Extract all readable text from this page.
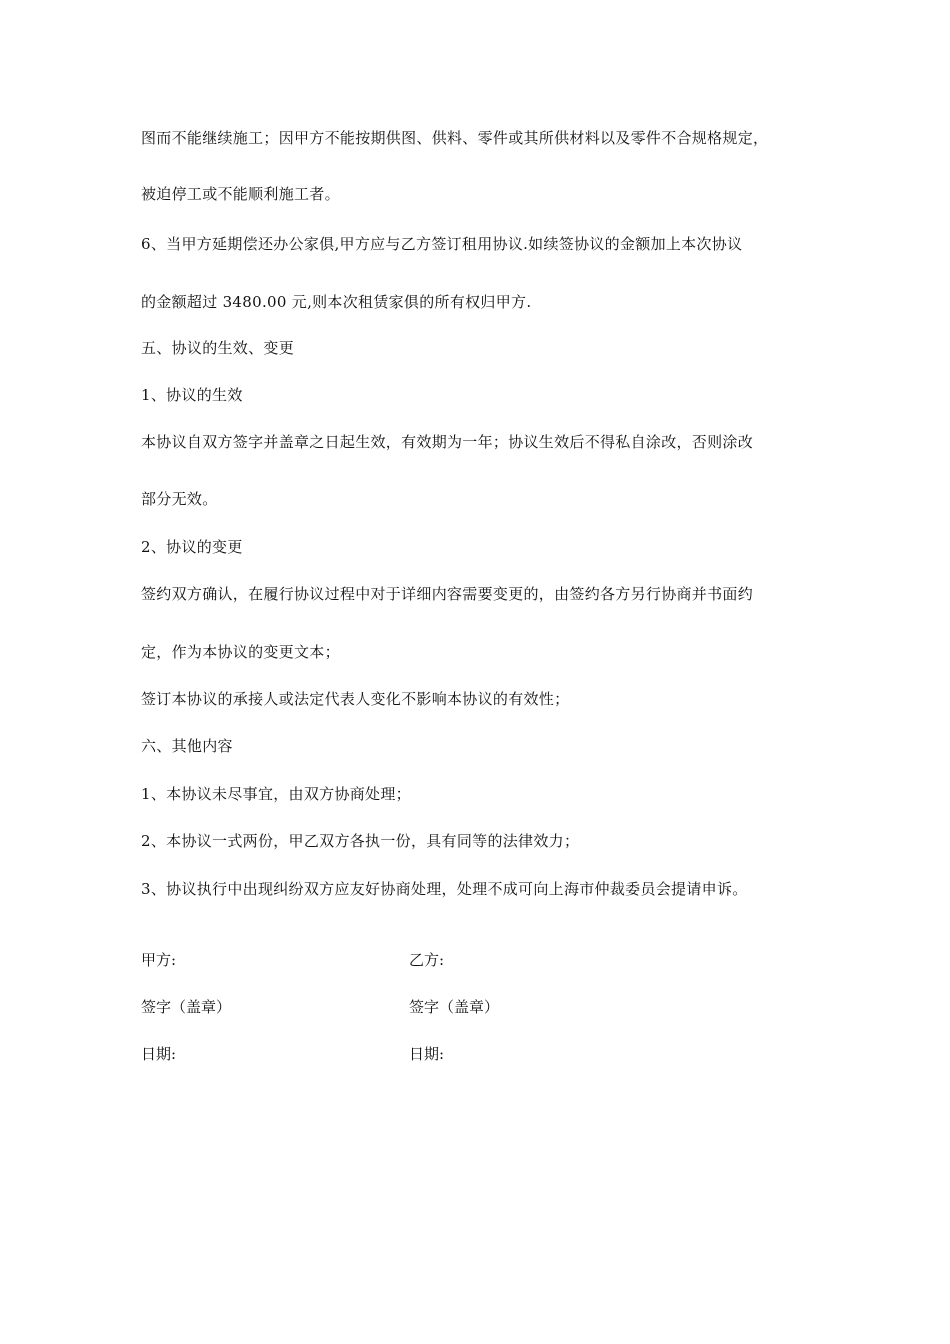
图而不能继续施工；因甲方不能按期供图、供料、零件或其所供材料以及零件不合规格规定，
被迫停工或不能顺利施工者。
6、当甲方延期偿还办公家俱,甲方应与乙方签订租用协议.如续签协议的金额加上本次协议
的金额超过 3480.00 元,则本次租赁家俱的所有权归甲方.
五、协议的生效、变更
1、协议的生效
本协议自双方签字并盖章之日起生效，有效期为一年；协议生效后不得私自涂改，否则涂改
部分无效。
2、协议的变更
签约双方确认，在履行协议过程中对于详细内容需要变更的，由签约各方另行协商并书面约
定，作为本协议的变更文本；
签订本协议的承接人或法定代表人变化不影响本协议的有效性；
六、其他内容
1、本协议未尽事宜，由双方协商处理；
2、本协议一式两份，甲乙双方各执一份，具有同等的法律效力；
3、协议执行中出现纠纷双方应友好协商处理，处理不成可向上海市仲裁委员会提请申诉。
甲方:	乙方:
签字（盖章）	签字（盖章）
日期:	日期:
